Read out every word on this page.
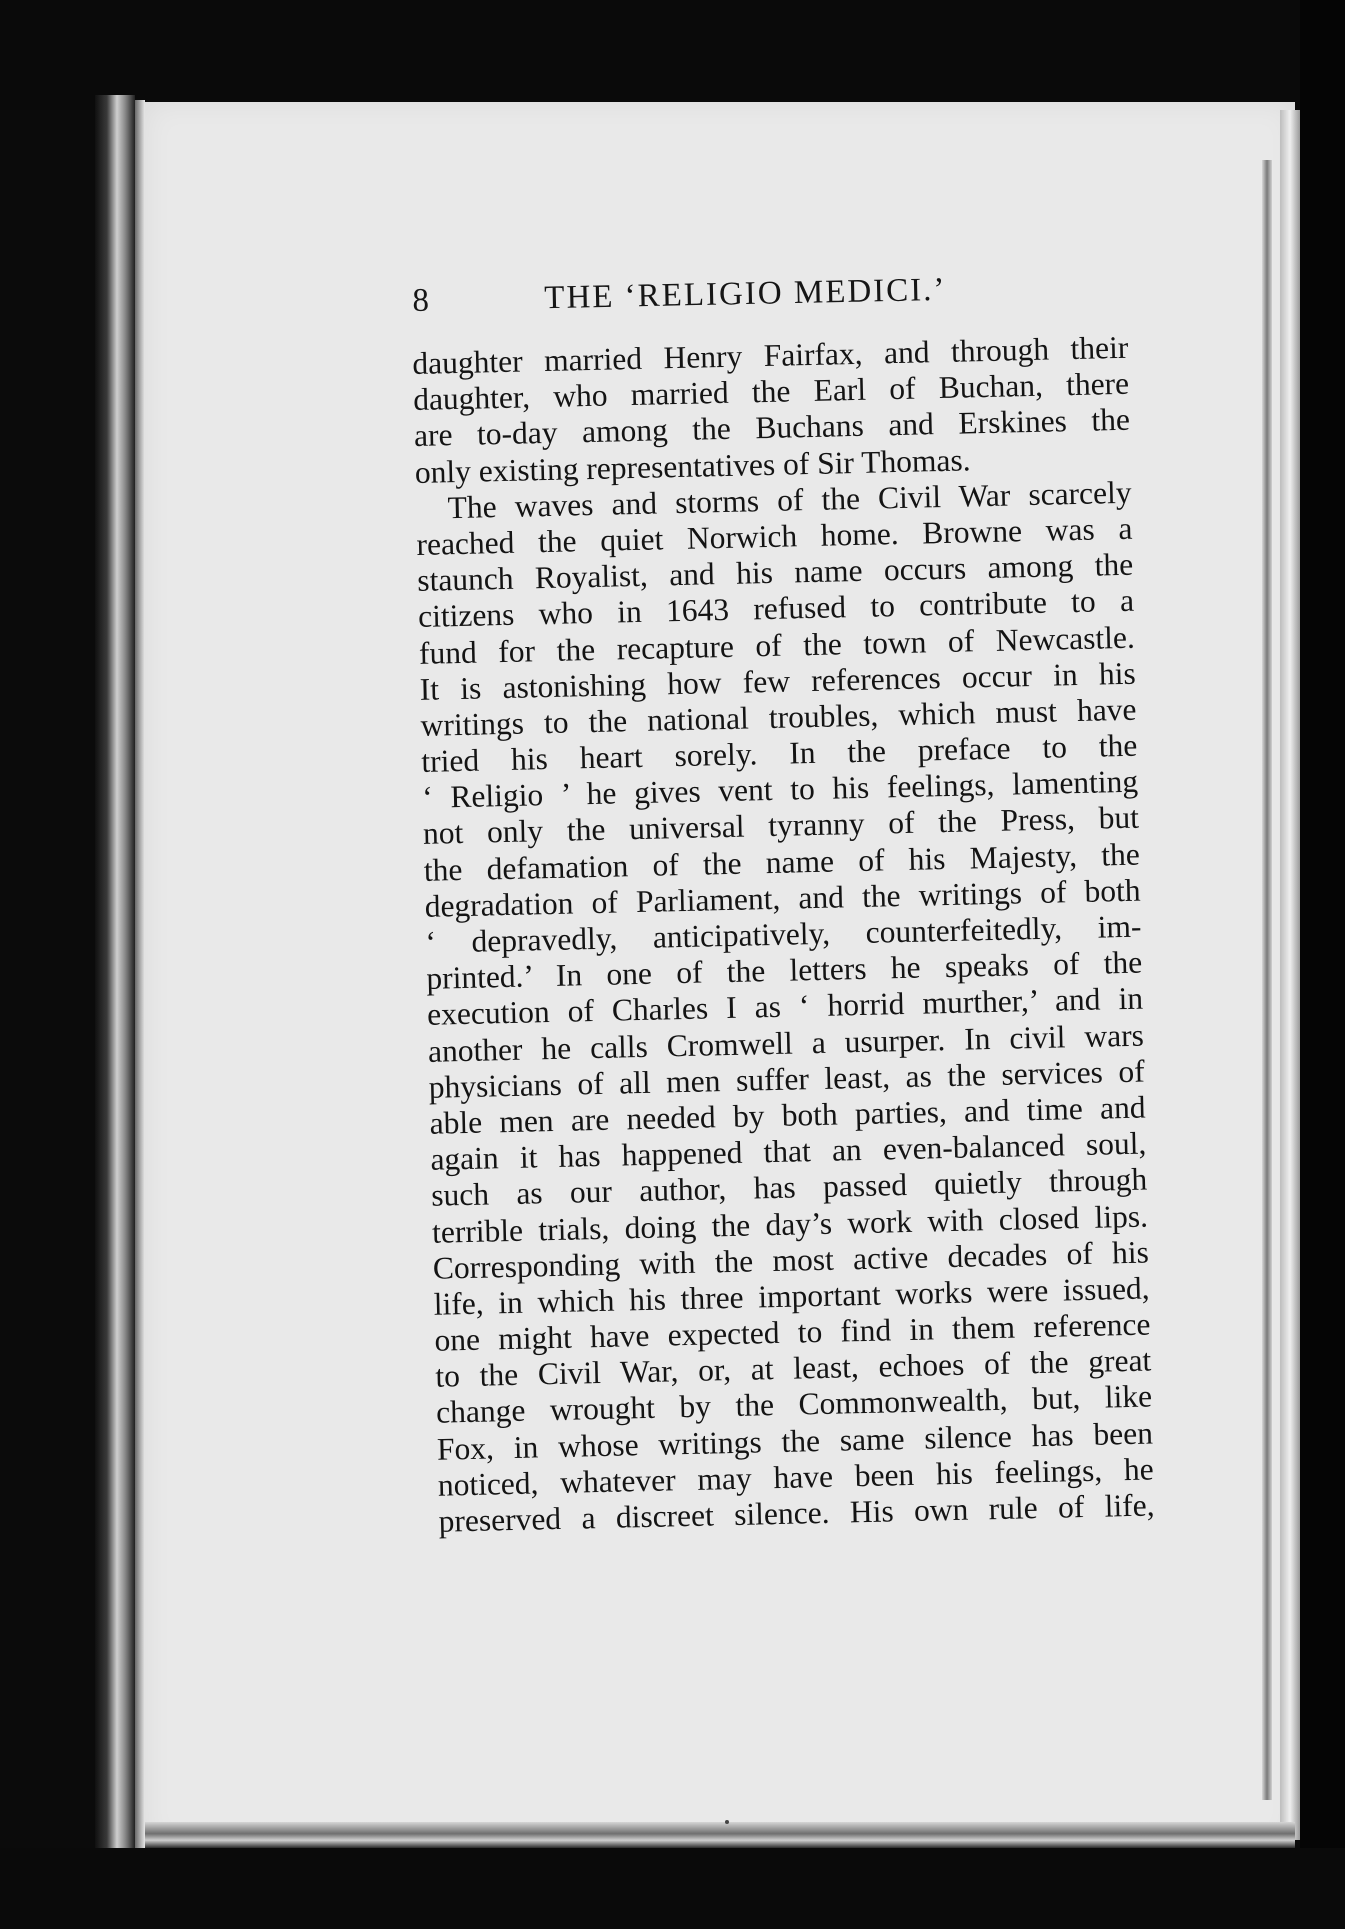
8	THE ‘RELIGIO MEDICI.’
daughter married Henry Fairfax, and through their
daughter, who married the Earl of Buchan, there
are to-day among the Buchans and Erskines the
only existing representatives of Sir Thomas.
The waves and storms of the Civil War scarcely
reached the quiet Norwich home. Browne was a
staunch Royalist, and his name occurs among the
citizens who in 1643 refused to contribute to a
fund for the recapture of the town of Newcastle.
It is astonishing how few references occur in his
writings to the national troubles, which must have
tried his heart sorely. In the preface to the
‘ Religio ’ he gives vent to his feelings, lamenting
not only the universal tyranny of the Press, but
the defamation of the name of his Majesty, the
degradation of Parliament, and the writings of both
‘ depravedly, anticipatively, counterfeitedly, im-
printed.’ In one of the letters he speaks of the
execution of Charles I as ‘ horrid murther,’ and in
another he calls Cromwell a usurper. In civil wars
physicians of all men suffer least, as the services of
able men are needed by both parties, and time and
again it has happened that an even-balanced soul,
such as our author, has passed quietly through
terrible trials, doing the day’s work with closed lips.
Corresponding with the most active decades of his
life, in which his three important works were issued,
one might have expected to find in them reference
to the Civil War, or, at least, echoes of the great
change wrought by the Commonwealth, but, like
Fox, in whose writings the same silence has been
noticed, whatever may have been his feelings, he
preserved a discreet silence. His own rule of life,
